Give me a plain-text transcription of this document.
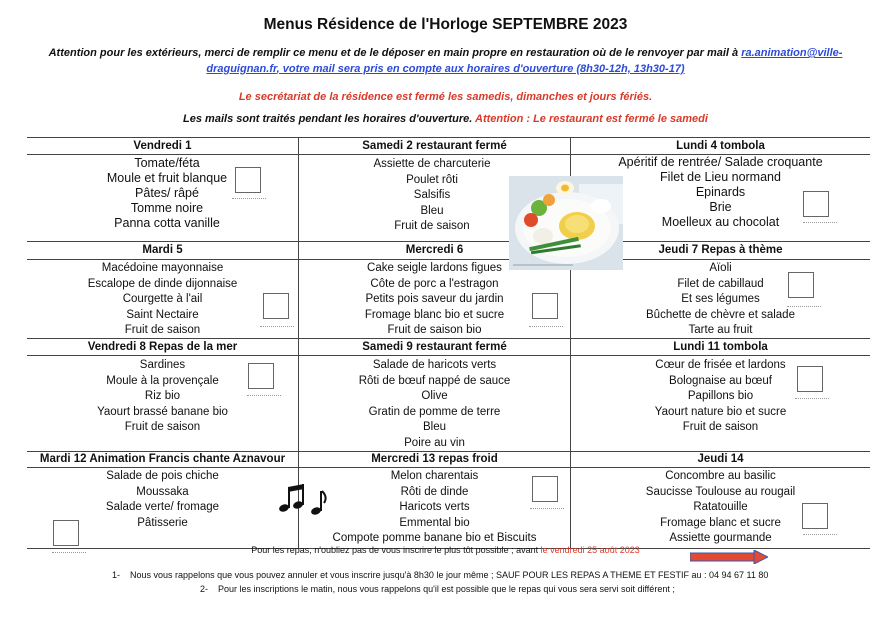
Menus Résidence de l'Horloge SEPTEMBRE 2023
Attention pour les extérieurs, merci de remplir ce menu et de le déposer en main propre en restauration où de le renvoyer par mail à ra.animation@ville-
draguignan.fr, votre mail sera pris en compte aux horaires d'ouverture (8h30-12h, 13h30-17)
Le secrétariat de la résidence est fermé les samedis, dimanches et jours fériés.
Les mails sont traités pendant les horaires d'ouverture. Attention : Le restaurant est fermé le samedi
Vendredi 1
Tomate/féta
Moule et fruit blanque
Pâtes/ râpé
Tomme noire
Panna cotta vanille
Samedi 2 restaurant fermé
Assiette de charcuterie
Poulet rôti
Salsifis
Bleu
Fruit de saison
Lundi 4 tombola
Apéritif de rentrée/ Salade croquante
Filet de Lieu normand
Epinards
Brie
Moelleux au chocolat
Mardi 5
Macédoine mayonnaise
Escalope de dinde dijonnaise
Courgette à l'ail
Saint Nectaire
Fruit de saison
Mercredi 6
Cake seigle lardons figues
Côte de porc a l'estragon
Petits pois saveur du jardin
Fromage blanc bio et sucre
Fruit de saison bio
Jeudi 7 Repas à thème
Aïoli
Filet de cabillaud
Et ses légumes
Bûchette de chèvre et salade
Tarte au fruit
Vendredi 8 Repas de la mer
Sardines
Moule à la provençale
Riz bio
Yaourt brassé banane bio
Fruit de saison
Samedi 9 restaurant fermé
Salade de haricots verts
Rôti de bœuf nappé de sauce
Olive
Gratin de pomme de terre
Bleu
Poire au vin
Lundi 11 tombola
Cœur de frisée et lardons
Bolognaise au bœuf
Papillons bio
Yaourt nature bio et sucre
Fruit de saison
Mardi 12 Animation Francis chante Aznavour
Salade de pois chiche
Moussaka
Salade verte/ fromage
Pâtisserie
Mercredi 13 repas froid
Melon charentais
Rôti de dinde
Haricots verts
Emmental bio
Compote pomme banane bio et Biscuits
Jeudi 14
Concombre au basilic
Saucisse Toulouse au rougail
Ratatouille
Fromage blanc et sucre
Assiette gourmande
Pour les repas, n'oubliez pas de vous inscrire le plus tôt possible ; avant le vendredi 25 août 2023
1- Nous vous rappelons que vous pouvez annuler et vous inscrire jusqu'à 8h30 le jour même ; SAUF POUR LES REPAS A THEME ET FESTIF au : 04 94 67 11 80
2- Pour les inscriptions le matin, nous vous rappelons qu'il est possible que le repas qui vous sera servi soit différent ;
